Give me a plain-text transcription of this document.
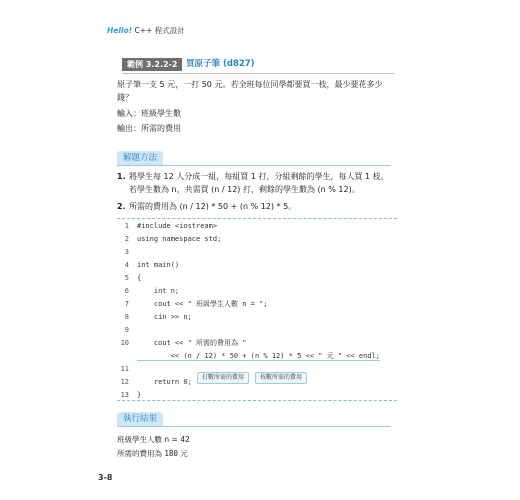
Hello! C++ 程式設計
範例 3.2.2-2	買原子筆 (d827)
原子筆一支 5 元，一打 50 元。若全班每位同學都要買一枝，最少要花多少
錢？
輸入：班級學生數
輸出：所需的費用
解題方法
1. 將學生每 12 人分成一組，每組買 1 打，分組剩餘的學生，每人買 1 枝。
若學生數為 n，共需買 (n / 12) 打，剩餘的學生數為 (n % 12)。
2. 所需的費用為 (n / 12) * 50 + (n % 12) * 5。
1 #include <iostream>
2 using namespace std;
3
4 int main()
5 {
6    int n;
7    cout << " 班級學生人數 n = ";
8    cin >> n;
9
10    cout << " 所需的費用為 "
<< (n / 12) * 50 + (n % 12) * 5 << " 元 " << endl;
11
12    return 0;
13 }
打數所需的費用	枝數所需的費用
執行結果
班級學生人數 n = 42
所需的費用為 180 元
3-8
